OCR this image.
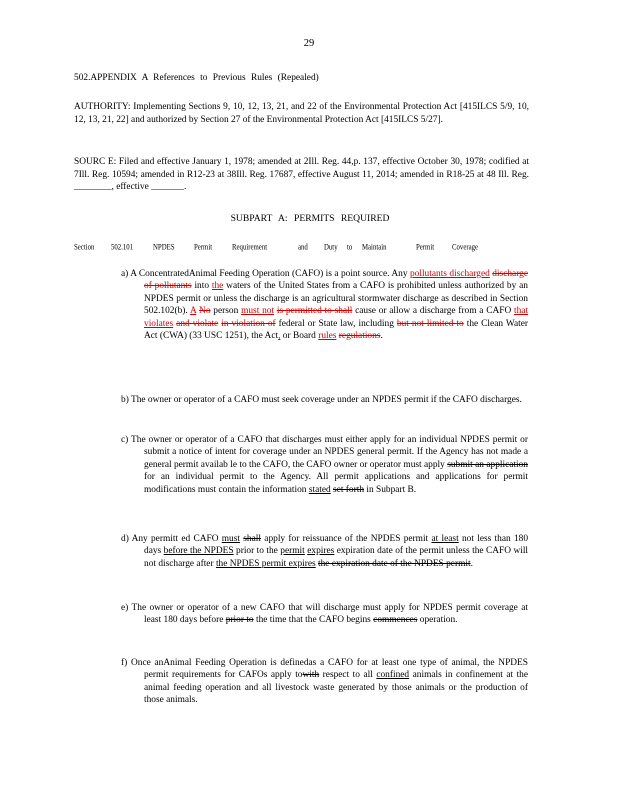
29
502.APPENDIX A References to Previous Rules (Repealed)
AUTHORITY: Implementing Sections 9, 10, 12, 13, 21, and 22 of the Environmental Protection Act [415ILCS 5/9, 10, 12, 13, 21, 22] and authorized by Section 27 of the Environmental Protection Act [415ILCS 5/27].
SOURC E: Filed and effective January 1, 1978; amended at 2Ill. Reg. 44,p. 137, effective October 30, 1978; codified at 7Ill. Reg. 10594; amended in R12-23 at 38Ill. Reg. 17687, effective August 11, 2014; amended in R18-25 at 48 Ill. Reg. ________, effective _______.
SUBPART A: PERMITS REQUIRED
Section 502.101	NPDES	Permit	Requirement	and Duty to Maintain	Permit	Coverage
a) A ConcentratedAnimal Feeding Operation (CAFO) is a point source. Any pollutants discharged discharge of pollutants into the waters of the United States from a CAFO is prohibited unless authorized by an NPDES permit or unless the discharge is an agricultural stormwater discharge as described in Section 502.102(b). A No person must not is permitted to shall cause or allow a discharge from a CAFO that violates and violate in violation of federal or State law, including but not limited to the Clean Water Act (CWA) (33 USC 1251), the Act, or Board rules regulations.
b) The owner or operator of a CAFO must seek coverage under an NPDES permit if the CAFO discharges.
c) The owner or operator of a CAFO that discharges must either apply for an individual NPDES permit or submit a notice of intent for coverage under an NPDES general permit. If the Agency has not made a general permit availab le to the CAFO, the CAFO owner or operator must apply submit an application for an individual permit to the Agency. All permit applications and applications for permit modifications must contain the information stated set forth in Subpart B.
d) Any permitt ed CAFO must shall apply for reissuance of the NPDES permit at least not less than 180 days before the NPDES prior to the permit expires expiration date of the permit unless the CAFO will not discharge after the NPDES permit expires the expiration date of the NPDES permit.
e) The owner or operator of a new CAFO that will discharge must apply for NPDES permit coverage at least 180 days before prior to the time that the CAFO begins commences operation.
f) Once anAnimal Feeding Operation is definedas a CAFO for at least one type of animal, the NPDES permit requirements for CAFOs apply towith respect to all confined animals in confinement at the animal feeding operation and all livestock waste generated by those animals or the production of those animals.
